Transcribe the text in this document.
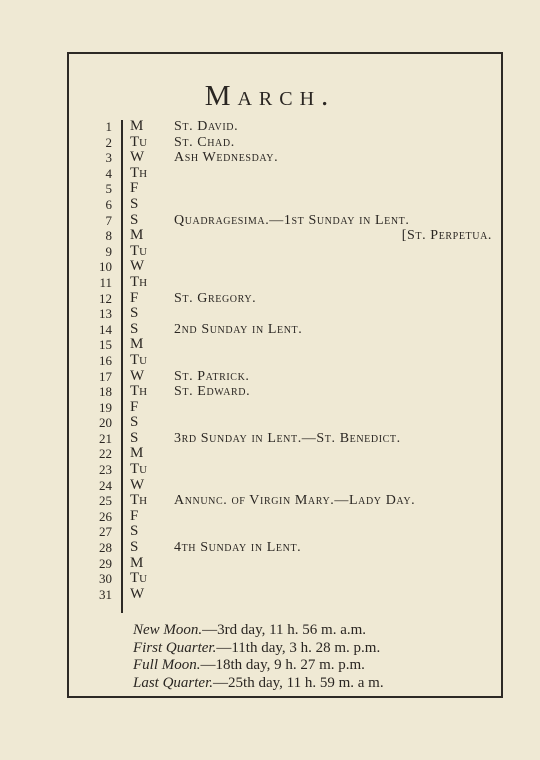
March.
1 M	St. David.
2 Tu	St. Chad.
3 W	Ash Wednesday.
4 Th
5 F
6 S
7 S	Quadragesima.—1st Sunday in Lent.
8 M	[St. Perpetua.
9 Tu
10 W
11 Th
12 F	St. Gregory.
13 S
14 S	2nd Sunday in Lent.
15 M
16 Tu
17 W	St. Patrick.
18 Th	St. Edward.
19 F
20 S
21 S	3rd Sunday in Lent.—St. Benedict.
22 M
23 Tu
24 W
25 Th	Annunc. of Virgin Mary.—Lady Day.
26 F
27 S
28 S	4th Sunday in Lent.
29 M
30 Tu
31 W
New Moon.—3rd day, 11 h. 56 m. a.m.
First Quarter.—11th day, 3 h. 28 m. p.m.
Full Moon.—18th day, 9 h. 27 m. p.m.
Last Quarter.—25th day, 11 h. 59 m. a m.
